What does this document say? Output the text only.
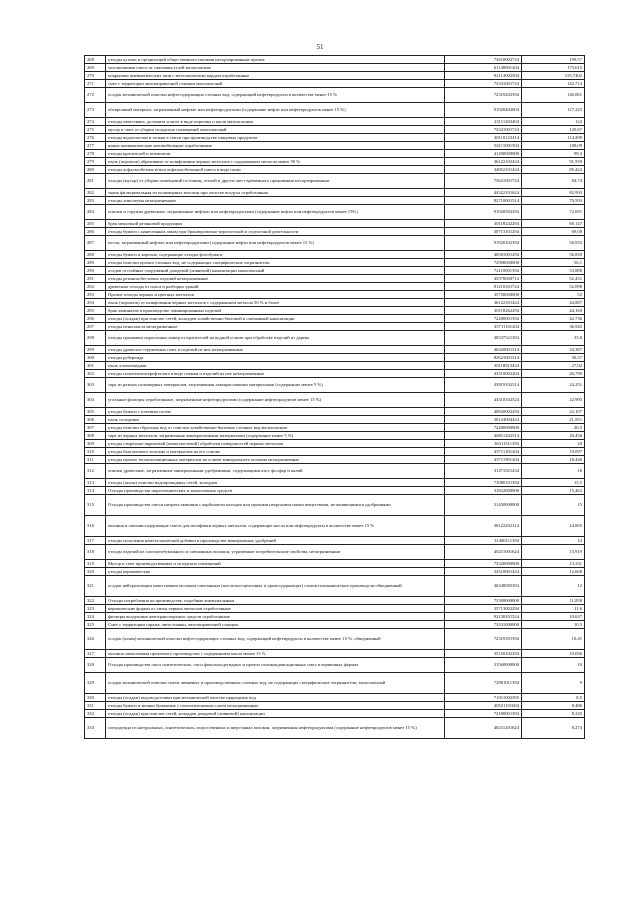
51
268	отходы кухонь и организаций общественного питания несортированные прочие	73610002724	199,57
269	золошлаковая смесь от сжигания углей малоопасная	61140001204	173,615
270	покрышки пневматических шин с металлическим кордом отработанные	92113002504	155,7402
271	смет с территории автозаправочной станции малоопасный	73331001724	142,714
272	осадок механической очистки нефтесодержащих сточных вод, содержащий нефтепродукты в количестве менее 15 %	72310202394	140,061
273	обтирочный материал, загрязненный нефтью или нефтепродуктами (содержание нефти или нефтепродуктов менее 15 %)	91920402604	127,225
274	отходы известняка, доломита и мела в виде порошка и пыли малоопасные	23111203404	124
275	мусор и смет от уборки складских помещений малоопасный	73321001724	120,67
276	отходы водоочистки и талька в смеси при производстве пищевых продуктов	30119123414	114,299
277	шины пневматические автомобильные отработанные	92111001504	108,09
278	отходы красителей и пигментов	41200000000	99,3
279	пыль (порошок) абразивные от шлифования черных металлов с содержанием металла менее 50 %	36122102424	91,559
280	отходы асфальтобетона и/или асфальтобетонной смеси в виде пыли	34852101424	85,422
281	отходы (мусор) от уборки помещений гостиниц, отелей и других мест временного проживания несортированные	73621001724	84,74
282	ткань фильтровальная из полимерных волокон при очистке воздуха отработанная	44322101624	82,993
283	отходы линолеума незагрязненные	82710001514	79,593
284	опилки и стружка древесные, загрязненные нефтью или нефтепродуктами (содержание нефти или нефтепродуктов менее 15%)	91920502394	72,691
285	брак мешочной резиновой продукции	30118242294	69,147
286	отходы бумаги с нанесенным лаком при брошюровочно-переплетной и отделочной деятельности	30713101294	69,08
287	песок, загрязненный нефтью или нефтепродуктами (содержание нефти или нефтепродуктов менее 15 %)	91920102394	56,933
288	отходы бумаги и картона, содержащие отходы фотобумаги	40581001294	56,839
289	отходы очистки прочих сточных вод, не содержащих специфические загрязнители	72900000000	56,1
290	осадок отстойных сооружений дождевой (ливневой) канализации малоопасный	72110001394	53,888
291	отходы резиноасбестовых изделий незагрязненные	45570000714	52,431
292	древесные отходы от сноса и разборки зданий	81210101724	52,098
293	Прочие отходы черных и цветных металлов	35750000000	52
294	пыль (порошок) от шлифования черных металлов с содержанием металла 50 % и более	36122101424	44,887
295	брак ламинатов в производстве ламинированных изделий	30118262294	44,169
296	отходы (осадки) при очистке сетей, колодцев хозяйственно-бытовой и смешанной канализации	72280001394	42,736
297	отходы пенопласта незагрязненные	45711101204	36,945
298	отходы промывки окрасочных камер от красителей на водной основе при обработке изделий из дерева	30537521394	35,8
299	отходы древесно-стружечных плит и изделий из них незагрязненные	40420001514	33,387
300	отходы рубероида	82621001514	30,37
301	пыль хлопьевидная	30118913424	27,02
302	отходы полиэтилентерефталата в виде пленки и изделий из нее незагрязненные	43510002204	26,789
303	тара из разных полимерных материалов, загрязненная лакокрасочными материалами (содержание менее 5 %)	43819102514	24,251
304	угольные фильтры отработанные, загрязненные нефтепродуктами (содержание нефтепродуктов менее 15 %)	44310102524	22,905
305	отходы бумаги с клеевым слоем	40920002294	22,107
306	пыль солодовая	30124004424	21,951
307	отходы очистки сбросных вод от очистки хозяйственно-бытовых сточных вод малоопасные	72200000000	20,5
308	тара из черных металлов, загрязненная лакокрасочными материалами (содержание менее 5 %)	46811202514	20,456
309	отходы стирольно-акриловой (пенопластовой) обработки поверхностей черных металлов	36311511394	20
310	отходы базальтового волокна и материалов на его основе	45711201204	19,097
311	отходы прочих теплоизоляционных материалов на основе минерального волокна незагрязненные	45711901204	18,446
312	опилки древесные, загрязненные минеральными удобрениями, содержащими азот, фосфор и калий	31471021434	16
313	отходы (шлам) очистки водопроводных сетей, колодцев	71080101394	15,5
314	Отходы производства пиротехнических и аналогичных средств	31822000000	15,462
315	Отходы производства смеси нитрата аммония с карбонатом кальция или прочими неорганическими веществами, не являющимися удобрениями	31450000000	15
316	окалина и окалиносодержащие смеси для шлифовки черных металлов, содержащие масла или нефтепродукты в количестве менее 15 %	36122202314	14,805
317	отходы получения неметаллической добавки в производстве минеральных удобрений	31400111394	14
318	отходы изделий из хлопчатобумажного и смешанных волокон, утратившие потребительские свойства, незагрязненные	40211001624	13,919
319	Мусор и смет производственных и складских помещений	73320000000	13,331
320	отходы керамические	34510001424	12,668
321	осадок нейтрализации известковым молоком смешанных (кислотно-щелочных и хромсодержащих) стоков гальванических производств обводненный	36348585394	12
322	Отходы потребления на производстве, подобные коммунальным	73300000000	11,858
323	керамические формы от литья черных металлов отработанные	35713002294	11,6
324	фильтры воздушные автотранспортных средств отработанные	92130101524	10,637
325	Смет с территории гаража, автостоянки, автозаправочной станции	73331000000	10,5
326	осадок (шлам) механической очистки нефтесодержащих сточных вод, содержащий нефтепродукты в количестве менее 15 %, обводненный	72310101394	10,41
327	окалина замасленная прокатного производства с содержанием масла менее 15 %	35150102294	10,036
328	Отходы производства смол синтетических, смол фенолальдегидных и прочих поликонденсационных смол в первичных формах	31560000000	10
329	осадок механической очистки смеси ливневых и производственных сточных вод, не содержащих специфические загрязнители, малоопасный	72901011394	9
330	отходы (осадки) водоподготовки при механической очистке природных вод	71011002395	8,5
331	отходы бумаги и мешки бумажные с полиэтиленовым слоем незагрязненные	40521101604	8,486
332	отходы (осадки) при очистке сетей, колодцев дождевой (ливневой) канализации	72180001394	8,335
333	спецодежда из натуральных, синтетических, искусственных и шерстяных волокон, загрязненная нефтепродуктами (содержание нефтепродуктов менее 15 %)	40231201624	8,274
